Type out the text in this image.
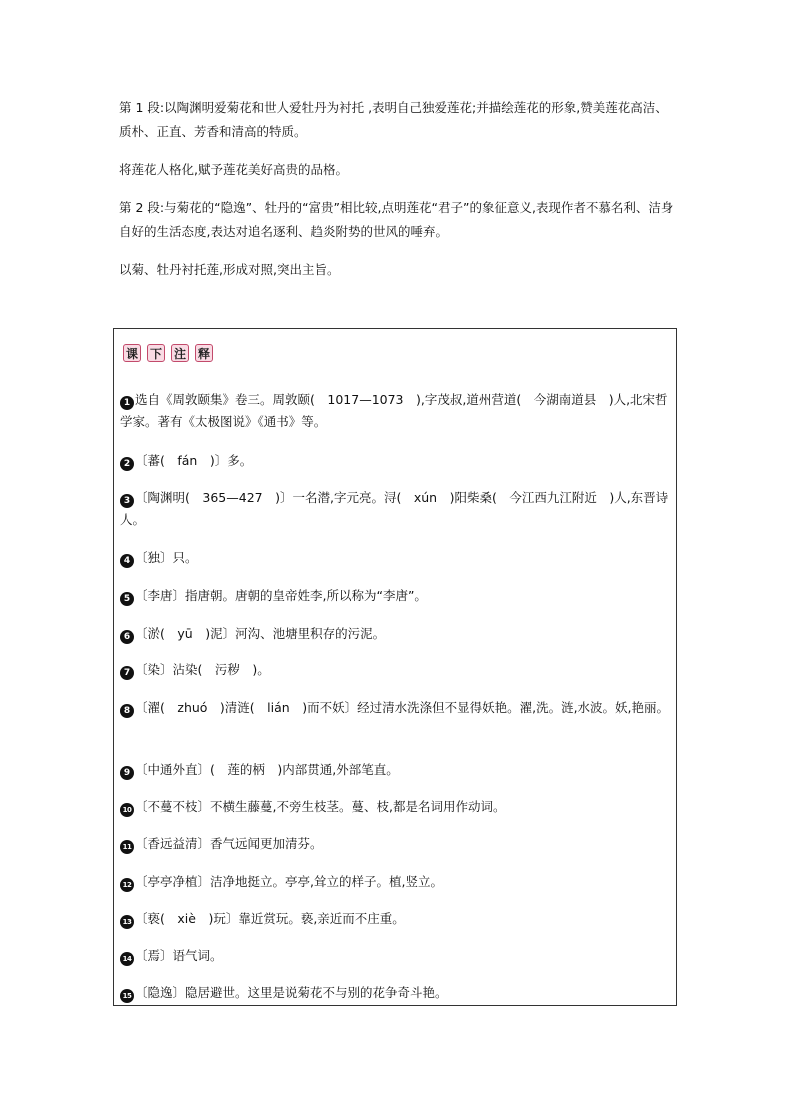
第 1 段:以陶渊明爱菊花和世人爱牡丹为衬托 ,表明自己独爱莲花;并描绘莲花的形象,赞美莲花高洁、质朴、正直、芳香和清高的特质。

将莲花人格化,赋予莲花美好高贵的品格。

第 2 段:与菊花的“隐逸”、牡丹的“富贵”相比较,点明莲花“君子”的象征意义,表现作者不慕名利、洁身自好的生活态度,表达对追名逐利、趋炎附势的世风的唾弃。

以菊、牡丹衬托莲,形成对照,突出主旨。

课 下 注 释
1 选自《周敦颐集》卷三。周敦颐(　1017—1073　),字茂叔,道州营道(　今湖南道县　)人,北宋哲学家。著有《太极图说》《通书》等。
2 〔蕃(　fán　)〕多。
3 〔陶渊明(　365—427　)〕一名潜,字元亮。浔(　xún　)阳柴桑(　今江西九江附近　)人,东晋诗人。
4 〔独〕只。
5 〔李唐〕指唐朝。唐朝的皇帝姓李,所以称为“李唐”。
6 〔淤(　yū　)泥〕河沟、池塘里积存的污泥。
7 〔染〕沾染(　污秽　)。
8 〔濯(　zhuó　)清涟(　lián　)而不妖〕经过清水洗涤但不显得妖艳。濯,洗。涟,水波。妖,艳丽。
9 〔中通外直〕(　莲的柄　)内部贯通,外部笔直。
10 〔不蔓不枝〕不横生藤蔓,不旁生枝茎。蔓、枝,都是名词用作动词。
11 〔香远益清〕香气远闻更加清芬。
12 〔亭亭净植〕洁净地挺立。亭亭,耸立的样子。植,竖立。
13 〔亵(　xiè　)玩〕靠近赏玩。亵,亲近而不庄重。
14 〔焉〕语气词。
15 〔隐逸〕隐居避世。这里是说菊花不与别的花争奇斗艳。
